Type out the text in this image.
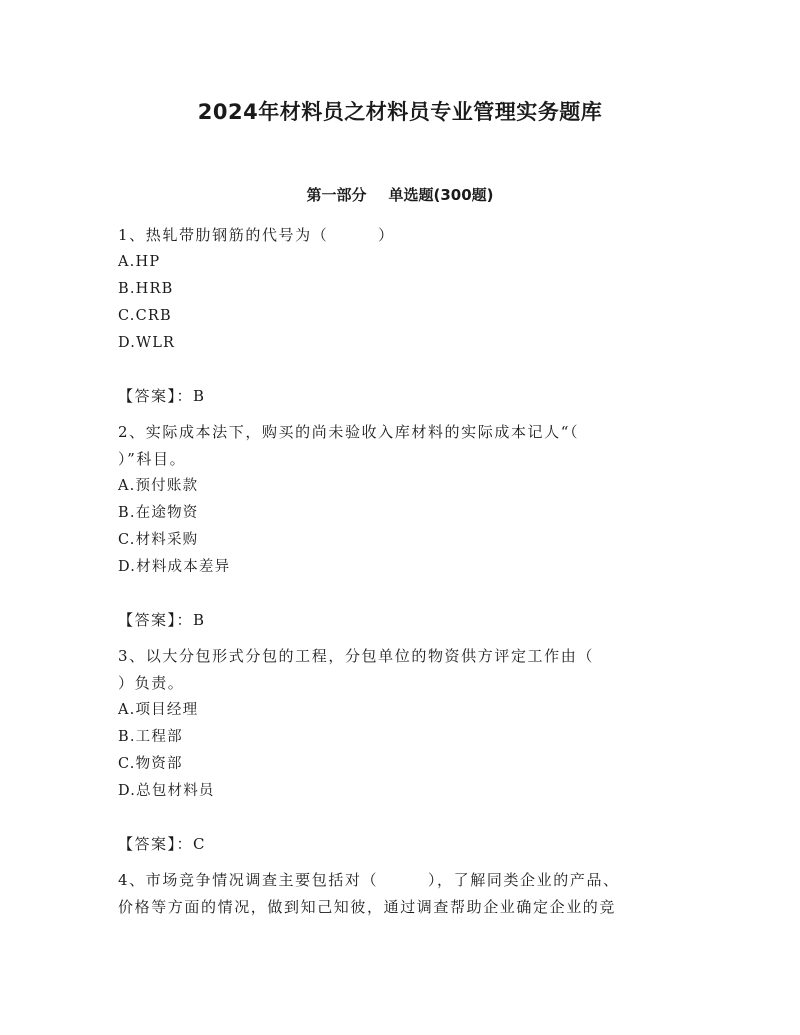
2024年材料员之材料员专业管理实务题库
第一部分 单选题(300题)
1、热轧带肋钢筋的代号为（　　　）
A.HP
B.HRB
C.CRB
D.WLR
【答案】：B
2、实际成本法下，购买的尚未验收入库材料的实际成本记人“（
）”科目。
A.预付账款
B.在途物资
C.材料采购
D.材料成本差异
【答案】：B
3、以大分包形式分包的工程，分包单位的物资供方评定工作由（
）负责。
A.项目经理
B.工程部
C.物资部
D.总包材料员
【答案】：C
4、市场竞争情况调查主要包括对（　　　），了解同类企业的产品、
价格等方面的情况，做到知己知彼，通过调查帮助企业确定企业的竞
